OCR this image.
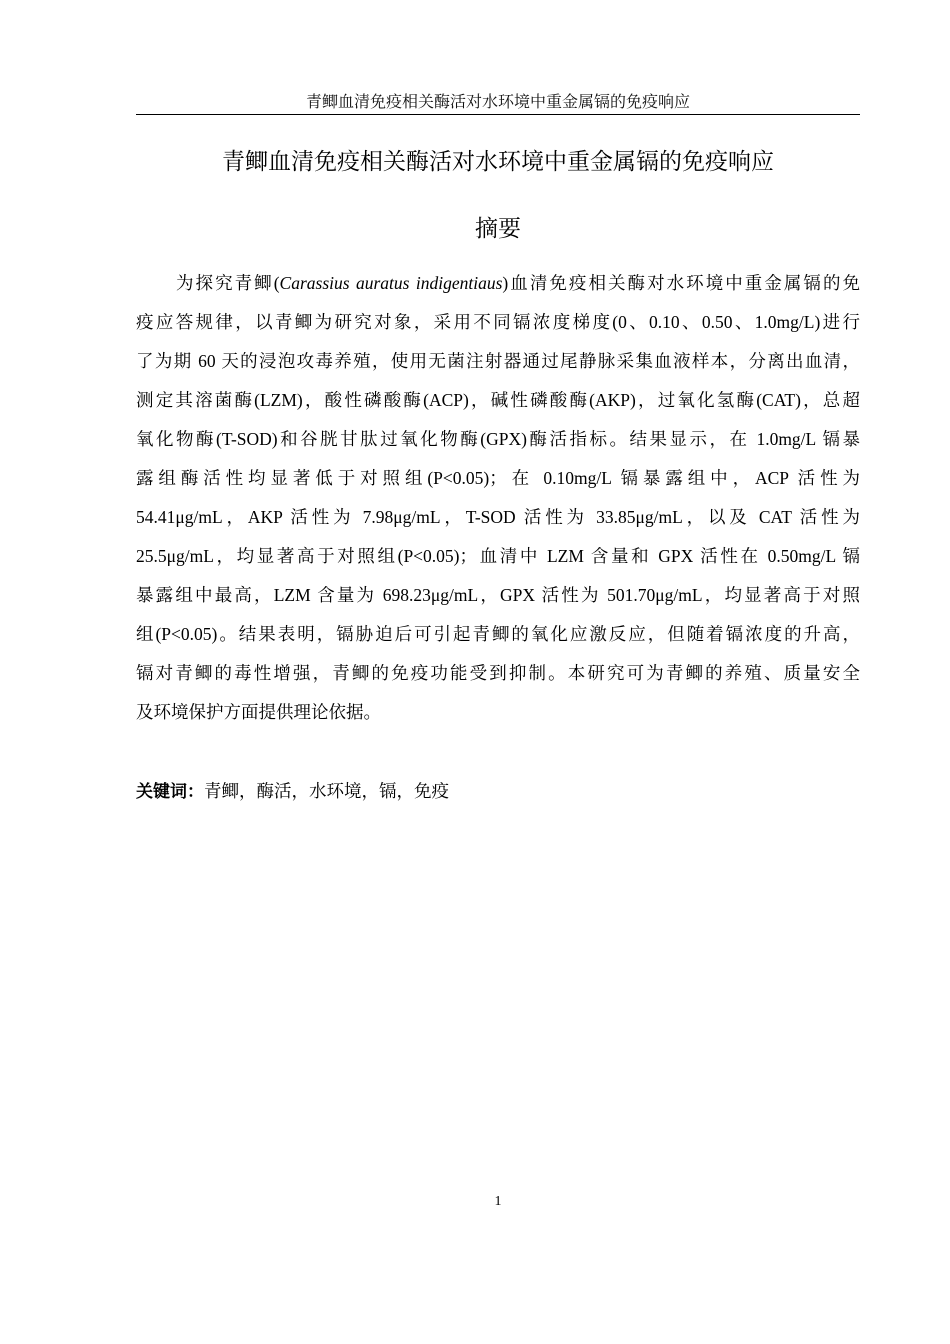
青鲫血清免疫相关酶活对水环境中重金属镉的免疫响应
青鲫血清免疫相关酶活对水环境中重金属镉的免疫响应
摘要
为探究青鲫(Carassius auratus indigentiaus)血清免疫相关酶对水环境中重金属镉的免
疫应答规律，以青鲫为研究对象，采用不同镉浓度梯度(0、0.10、0.50、1.0mg/L)进行
了为期 60 天的浸泡攻毒养殖，使用无菌注射器通过尾静脉采集血液样本，分离出血清，
测定其溶菌酶(LZM)，酸性磷酸酶(ACP)，碱性磷酸酶(AKP)，过氧化氢酶(CAT)，总超
氧化物酶(T-SOD)和谷胱甘肽过氧化物酶(GPX)酶活指标。结果显示，在 1.0mg/L 镉暴
露组酶活性均显著低于对照组(P<0.05)；在 0.10mg/L 镉暴露组中，ACP 活性为
54.41μg/mL，AKP 活性为 7.98μg/mL，T-SOD 活性为 33.85μg/mL，以及 CAT 活性为
25.5μg/mL，均显著高于对照组(P<0.05)；血清中 LZM 含量和 GPX 活性在 0.50mg/L 镉
暴露组中最高，LZM 含量为 698.23μg/mL，GPX 活性为 501.70μg/mL，均显著高于对照
组(P<0.05)。结果表明，镉胁迫后可引起青鲫的氧化应激反应，但随着镉浓度的升高，
镉对青鲫的毒性增强，青鲫的免疫功能受到抑制。本研究可为青鲫的养殖、质量安全
及环境保护方面提供理论依据。
关键词：青鲫，酶活，水环境，镉，免疫
1
